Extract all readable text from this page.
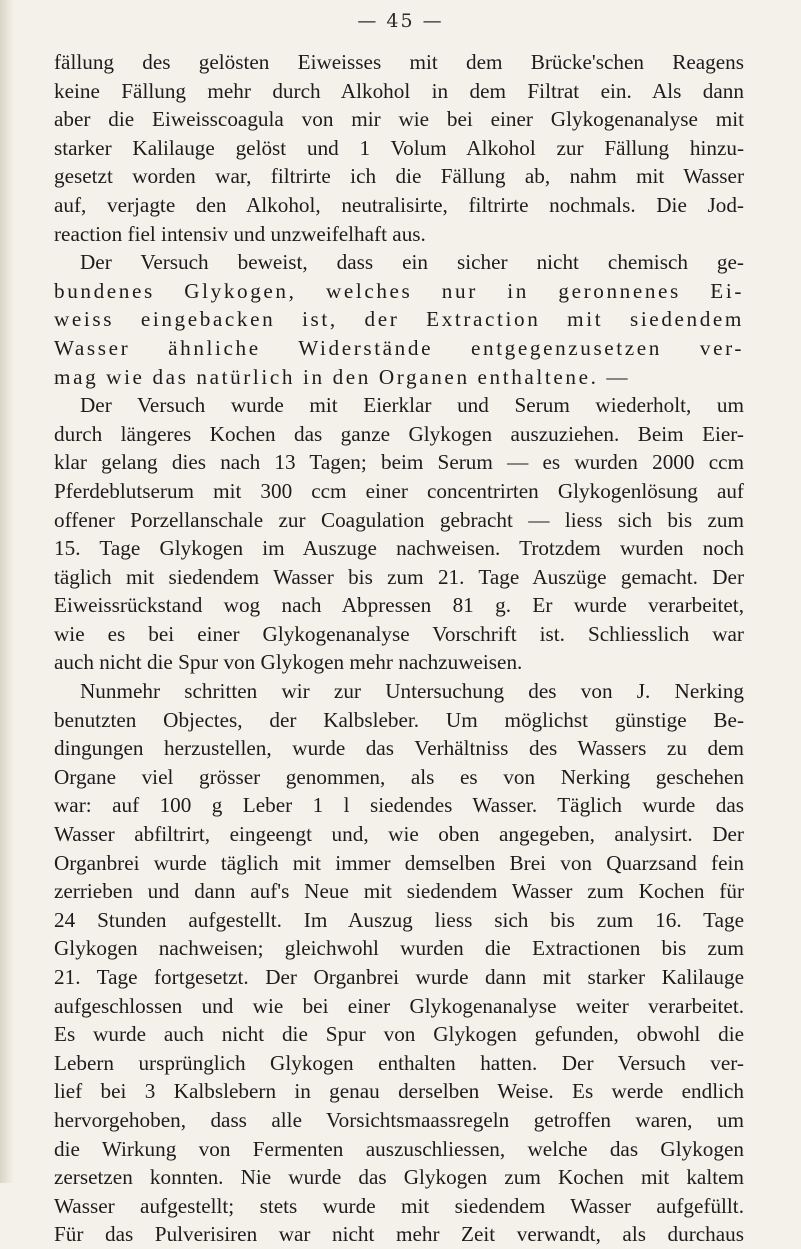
— 45 —

fällung des gelösten Eiweisses mit dem Brücke'schen Reagens
keine Fällung mehr durch Alkohol in dem Filtrat ein. Als dann
aber die Eiweisscoagula von mir wie bei einer Glykogenanalyse mit
starker Kalilauge gelöst und 1 Volum Alkohol zur Fällung hinzu-
gesetzt worden war, filtrirte ich die Fällung ab, nahm mit Wasser
auf, verjagte den Alkohol, neutralisirte, filtrirte nochmals. Die Jod-
reaction fiel intensiv und unzweifelhaft aus.

Der Versuch beweist, dass ein sicher nicht chemisch ge-
bundenes Glykogen, welches nur in geronnenes Ei-
weiss eingebacken ist, der Extraction mit siedendem
Wasser ähnliche Widerstände entgegenzusetzen ver-
mag wie das natürlich in den Organen enthaltene. —

Der Versuch wurde mit Eierklar und Serum wiederholt, um
durch längeres Kochen das ganze Glykogen auszuziehen. Beim Eier-
klar gelang dies nach 13 Tagen; beim Serum — es wurden 2000 ccm
Pferdeblutserum mit 300 ccm einer concentrirten Glykogenlösung auf
offener Porzellanschale zur Coagulation gebracht — liess sich bis zum
15. Tage Glykogen im Auszuge nachweisen. Trotzdem wurden noch
täglich mit siedendem Wasser bis zum 21. Tage Auszüge gemacht. Der
Eiweissrückstand wog nach Abpressen 81 g. Er wurde verarbeitet,
wie es bei einer Glykogenanalyse Vorschrift ist. Schliesslich war
auch nicht die Spur von Glykogen mehr nachzuweisen.

Nunmehr schritten wir zur Untersuchung des von J. Nerking
benutzten Objectes, der Kalbsleber. Um möglichst günstige Be-
dingungen herzustellen, wurde das Verhältniss des Wassers zu dem
Organe viel grösser genommen, als es von Nerking geschehen
war: auf 100 g Leber 1 l siedendes Wasser. Täglich wurde das
Wasser abfiltrirt, eingeengt und, wie oben angegeben, analysirt. Der
Organbrei wurde täglich mit immer demselben Brei von Quarzsand fein
zerrieben und dann auf's Neue mit siedendem Wasser zum Kochen für
24 Stunden aufgestellt. Im Auszug liess sich bis zum 16. Tage
Glykogen nachweisen; gleichwohl wurden die Extractionen bis zum
21. Tage fortgesetzt. Der Organbrei wurde dann mit starker Kalilauge
aufgeschlossen und wie bei einer Glykogenanalyse weiter verarbeitet.
Es wurde auch nicht die Spur von Glykogen gefunden, obwohl die
Lebern ursprünglich Glykogen enthalten hatten. Der Versuch ver-
lief bei 3 Kalbslebern in genau derselben Weise. Es werde endlich
hervorgehoben, dass alle Vorsichtsmaassregeln getroffen waren, um
die Wirkung von Fermenten auszuschliessen, welche das Glykogen
zersetzen konnten. Nie wurde das Glykogen zum Kochen mit kaltem
Wasser aufgestellt; stets wurde mit siedendem Wasser aufgefüllt.
Für das Pulverisiren war nicht mehr Zeit verwandt, als durchaus
